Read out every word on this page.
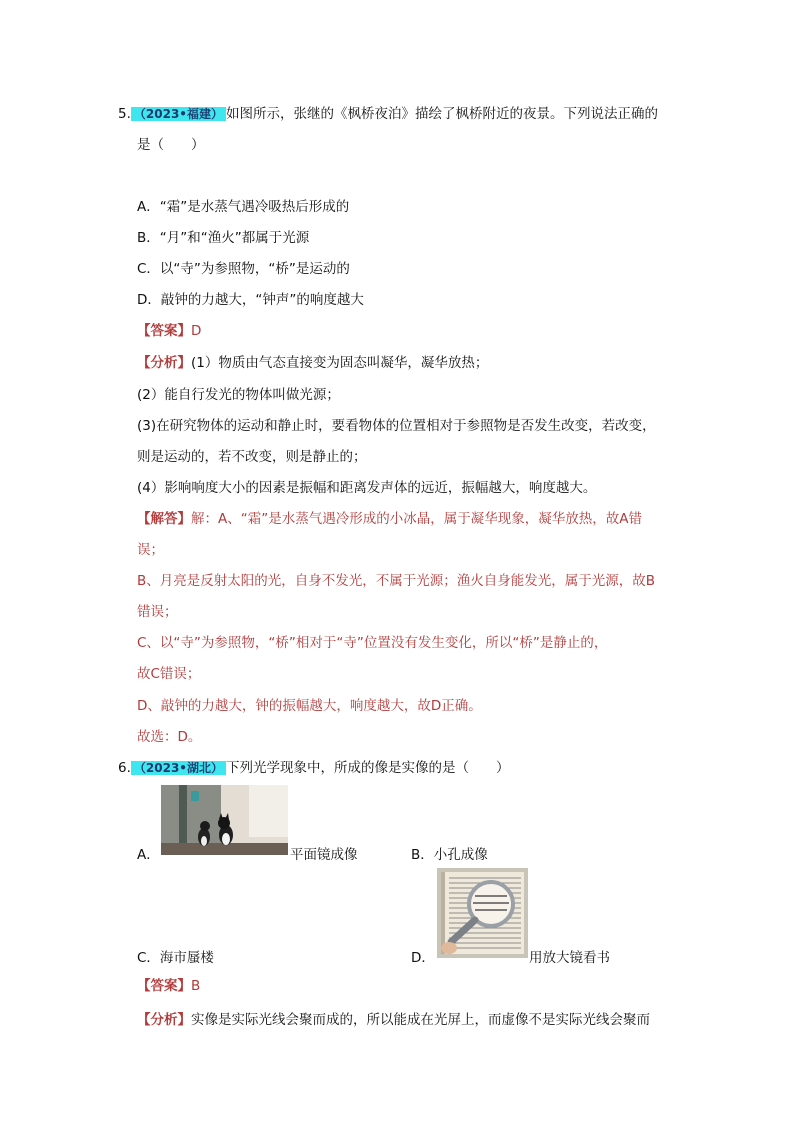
5. （2023•福建） 如图所示，张继的《枫桥夜泊》描绘了枫桥附近的夜景。下列说法正确的
是（　　）
A．“霜”是水蒸气遇冷吸热后形成的
B．“月”和“渔火”都属于光源
C．以“寺”为参照物，“桥”是运动的
D．敲钟的力越大，“钟声”的响度越大
【答案】D
【分析】(1）物质由气态直接变为固态叫凝华，凝华放热；
(2）能自行发光的物体叫做光源；
(3)在研究物体的运动和静止时，要看物体的位置相对于参照物是否发生改变，若改变，
则是运动的，若不改变，则是静止的；
(4）影响响度大小的因素是振幅和距离发声体的远近，振幅越大，响度越大。
【解答】解：A、“霜”是水蒸气遇冷形成的小冰晶，属于凝华现象，凝华放热，故A错
误；
B、月亮是反射太阳的光，自身不发光，不属于光源；渔火自身能发光，属于光源，故B
错误；
C、以“寺”为参照物，“桥”相对于“寺”位置没有发生变化，所以“桥”是静止的，
故C错误；
D、敲钟的力越大，钟的振幅越大，响度越大，故D正确。
故选：D。
6. （2023•湖北） 下列光学现象中，所成的像是实像的是（　　）
A．	平面镜成像	B．小孔成像
C．海市蜃楼	D．	用放大镜看书
【答案】B
【分析】实像是实际光线会聚而成的，所以能成在光屏上，而虚像不是实际光线会聚而
